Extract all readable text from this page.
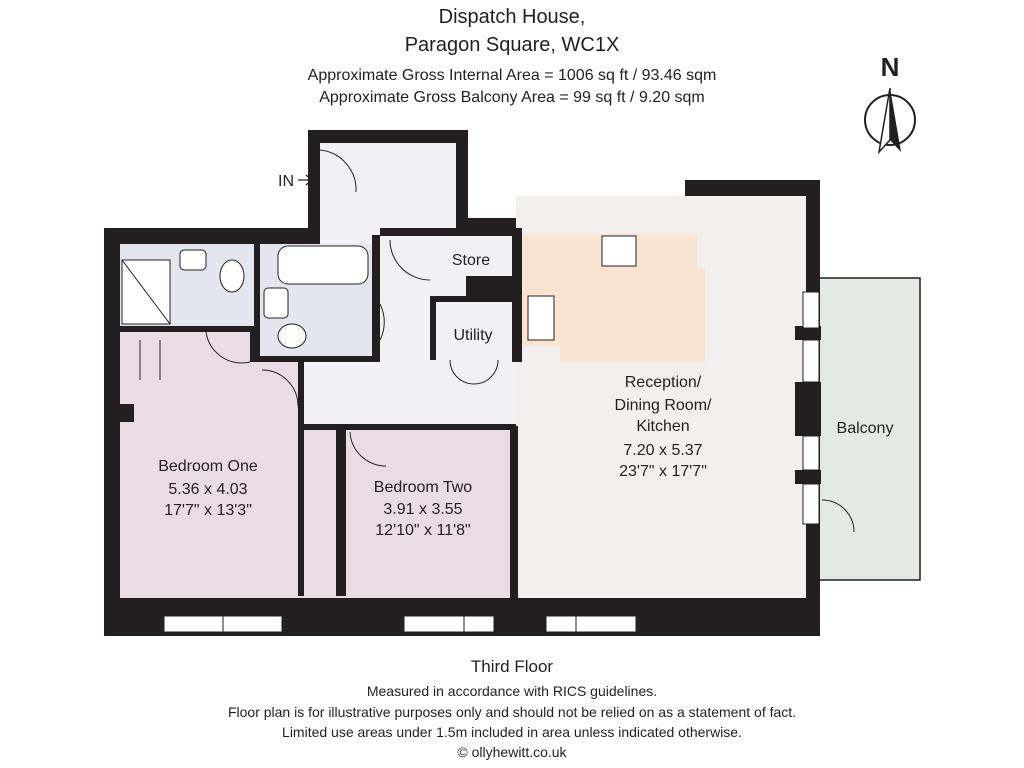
Dispatch House,
Paragon Square, WC1X
Approximate Gross Internal Area = 1006 sq ft / 93.46 sqm
Approximate Gross Balcony Area = 99 sq ft / 9.20 sqm
N
IN
Store
Utility
Reception/
Dining Room/
Kitchen
7.20 x 5.37
23'7" x 17'7"
Balcony
Bedroom One
5.36 x 4.03
17'7" x 13'3"
Bedroom Two
3.91 x 3.55
12'10" x 11'8"
Third Floor
Measured in accordance with RICS guidelines.
Floor plan is for illustrative purposes only and should not be relied on as a statement of fact.
Limited use areas under 1.5m included in area unless indicated otherwise.
© ollyhewitt.co.uk
